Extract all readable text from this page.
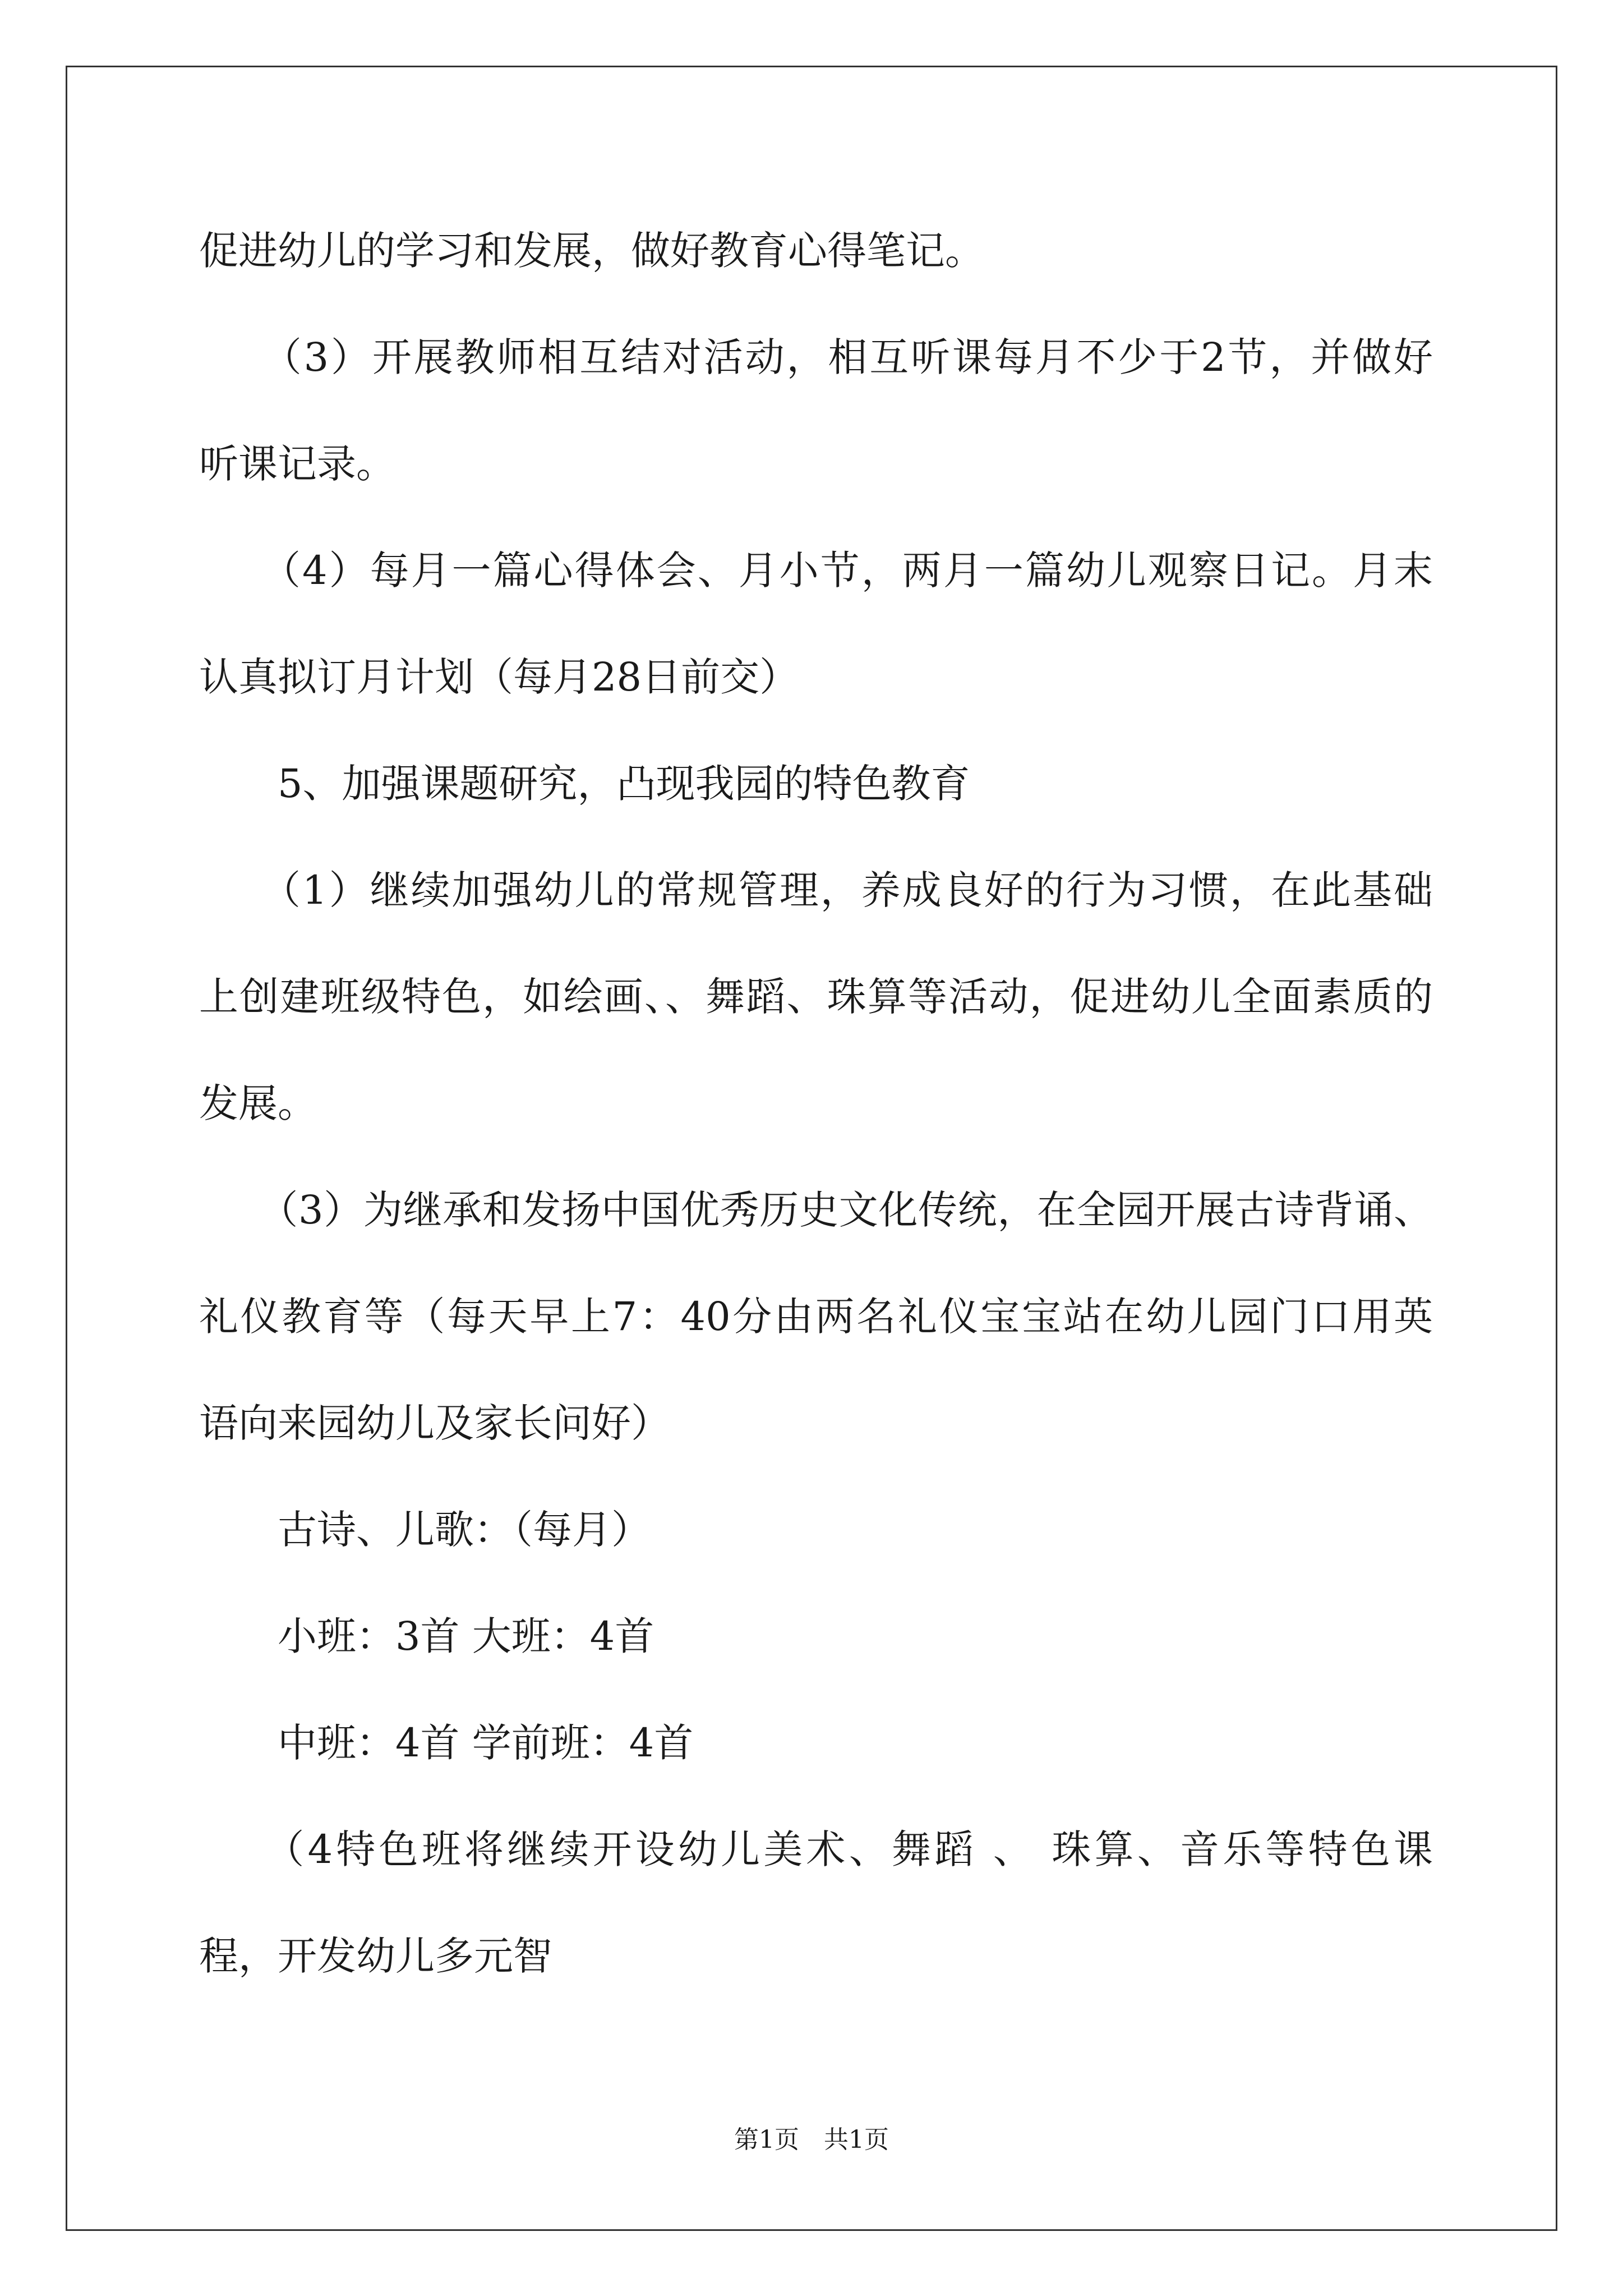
促进幼儿的学习和发展，做好教育心得笔记。
　　（3）开展教师相互结对活动，相互听课每月不少于2节，并做好
听课记录。
　　（4）每月一篇心得体会、月小节，两月一篇幼儿观察日记。月末
认真拟订月计划（每月28日前交）
　　5、加强课题研究，凸现我园的特色教育
　　（1）继续加强幼儿的常规管理，养成良好的行为习惯，在此基础
上创建班级特色，如绘画、、舞蹈、珠算等活动，促进幼儿全面素质的
发展。
　　（3）为继承和发扬中国优秀历史文化传统，在全园开展古诗背诵、
礼仪教育等（每天早上7：40分由两名礼仪宝宝站在幼儿园门口用英
语向来园幼儿及家长问好）
　　古诗、儿歌：（每月）
　　小班：3首 大班：4首
　　中班：4首 学前班：4首
　　（4特色班将继续开设幼儿美术、舞蹈 、 珠算、音乐等特色课
程，开发幼儿多元智
第1页　共1页
